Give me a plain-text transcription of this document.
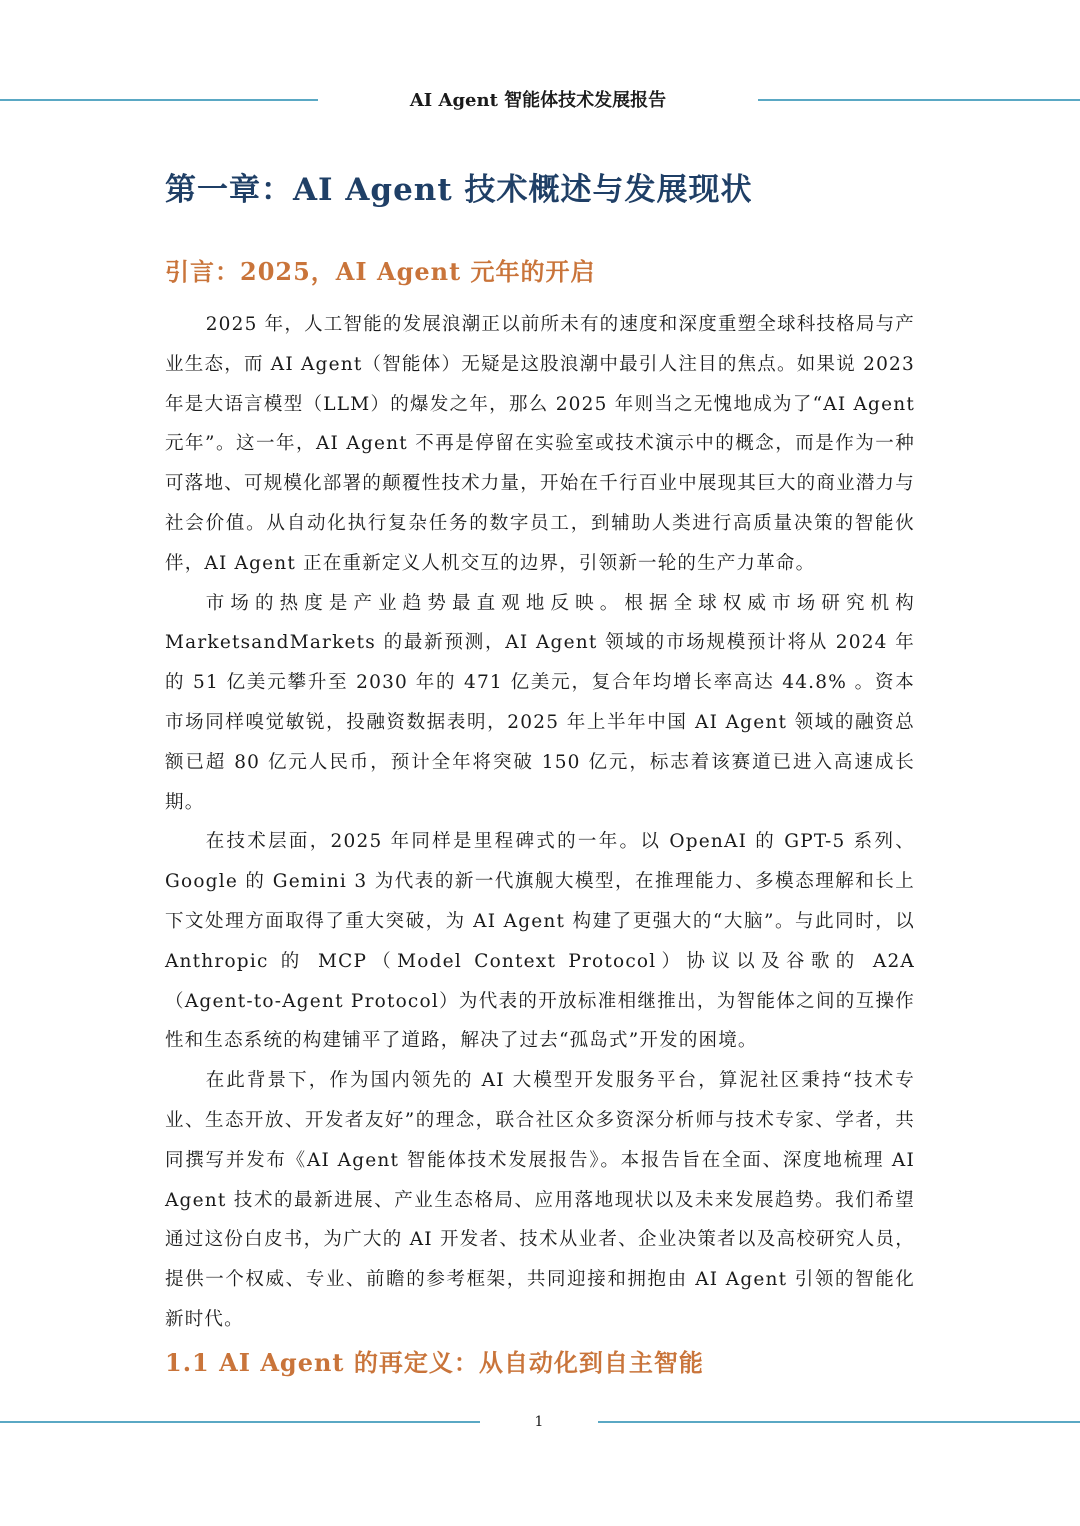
AI Agent 智能体技术发展报告
第一章：AI Agent 技术概述与发展现状
引言：2025，AI Agent 元年的开启

2025 年，人工智能的发展浪潮正以前所未有的速度和深度重塑全球科技格局与产业生态，而 AI Agent（智能体）无疑是这股浪潮中最引人注目的焦点。如果说 2023 年是大语言模型（LLM）的爆发之年，那么 2025 年则当之无愧地成为了“AI Agent 元年”。这一年，AI Agent 不再是停留在实验室或技术演示中的概念，而是作为一种可落地、可规模化部署的颠覆性技术力量，开始在千行百业中展现其巨大的商业潜力与社会价值。从自动化执行复杂任务的数字员工，到辅助人类进行高质量决策的智能伙伴，AI Agent 正在重新定义人机交互的边界，引领新一轮的生产力革命。

市场的热度是产业趋势最直观地反映。根据全球权威市场研究机构 MarketsandMarkets 的最新预测，AI Agent 领域的市场规模预计将从 2024 年的 51 亿美元攀升至 2030 年的 471 亿美元，复合年均增长率高达 44.8% 。资本市场同样嗅觉敏锐，投融资数据表明，2025 年上半年中国 AI Agent 领域的融资总额已超 80 亿元人民币，预计全年将突破 150 亿元，标志着该赛道已进入高速成长期。

在技术层面，2025 年同样是里程碑式的一年。以 OpenAI 的 GPT-5 系列、Google 的 Gemini 3 为代表的新一代旗舰大模型，在推理能力、多模态理解和长上下文处理方面取得了重大突破，为 AI Agent 构建了更强大的“大脑”。与此同时，以 Anthropic 的 MCP（Model Context Protocol）协议以及谷歌的 A2A（Agent-to-Agent Protocol）为代表的开放标准相继推出，为智能体之间的互操作性和生态系统的构建铺平了道路，解决了过去“孤岛式”开发的困境。

在此背景下，作为国内领先的 AI 大模型开发服务平台，算泥社区秉持“技术专业、生态开放、开发者友好”的理念，联合社区众多资深分析师与技术专家、学者，共同撰写并发布《AI Agent 智能体技术发展报告》。本报告旨在全面、深度地梳理 AI Agent 技术的最新进展、产业生态格局、应用落地现状以及未来发展趋势。我们希望通过这份白皮书，为广大的 AI 开发者、技术从业者、企业决策者以及高校研究人员，提供一个权威、专业、前瞻的参考框架，共同迎接和拥抱由 AI Agent 引领的智能化新时代。

1.1 AI Agent 的再定义：从自动化到自主智能
1
